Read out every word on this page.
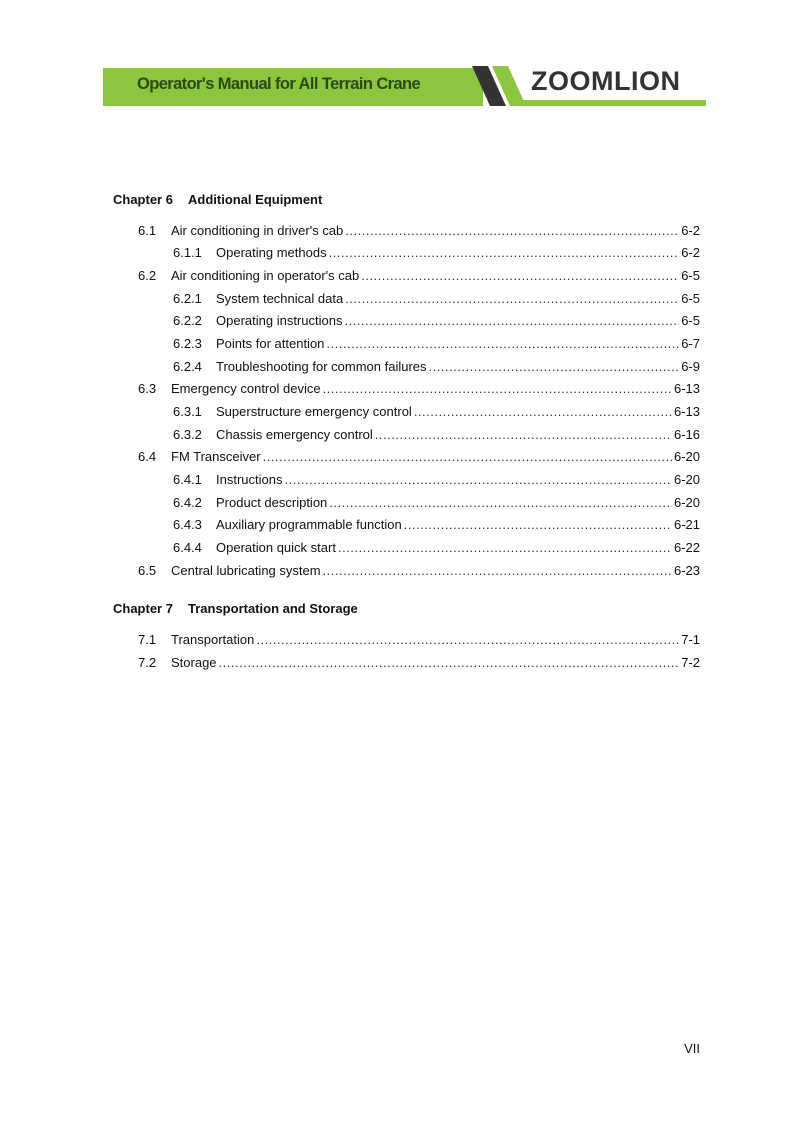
Operator's Manual for All Terrain Crane	ZOOMLION
Chapter 6 Additional Equipment
6.1	Air conditioning in driver's cab .....	6-2
6.1.1	Operating methods .....	6-2
6.2	Air conditioning in operator's cab .....	6-5
6.2.1	System technical data .....	6-5
6.2.2	Operating instructions .....	6-5
6.2.3	Points for attention .....	6-7
6.2.4	Troubleshooting for common failures .....	6-9
6.3	Emergency control device .....	6-13
6.3.1	Superstructure emergency control .....	6-13
6.3.2	Chassis emergency control .....	6-16
6.4	FM Transceiver .....	6-20
6.4.1	Instructions .....	6-20
6.4.2	Product description .....	6-20
6.4.3	Auxiliary programmable function .....	6-21
6.4.4	Operation quick start .....	6-22
6.5	Central lubricating system .....	6-23
Chapter 7 Transportation and Storage
7.1	Transportation .....	7-1
7.2	Storage .....	7-2
VII
